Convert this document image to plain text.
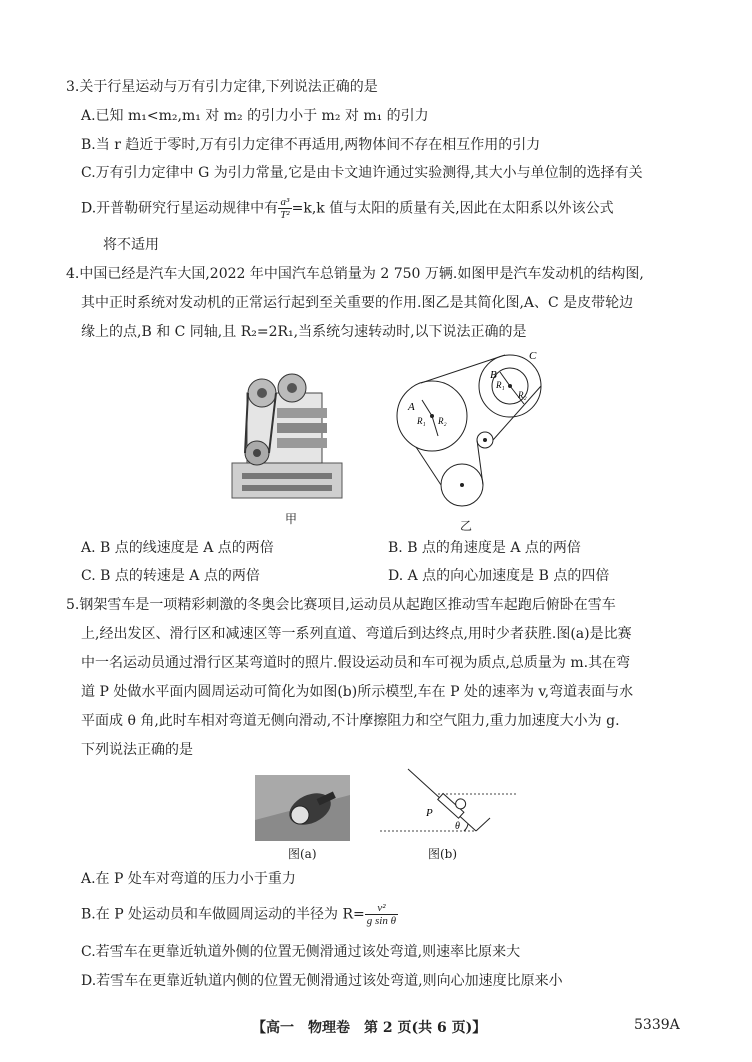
3.关于行星运动与万有引力定律,下列说法正确的是
A.已知 m₁<m₂,m₁ 对 m₂ 的引力小于 m₂ 对 m₁ 的引力
B.当 r 趋近于零时,万有引力定律不再适用,两物体间不存在相互作用的引力
C.万有引力定律中 G 为引力常量,它是由卡文迪许通过实验测得,其大小与单位制的选择有关
D.开普勒研究行星运动规律中有 $\frac{\text{a³}}{\text{T²}} =k,k$ 值与太阳的质量有关,因此在太阳系以外该公式
将不适用
4.中国已经是汽车大国,2022 年中国汽车总销量为 2 750 万辆.如图甲是汽车发动机的结构图,
其中正时系统对发动机的正常运行起到至关重要的作用.图乙是其简化图,A、C 是皮带轮边
缘上的点,B 和 C 同轴,且 R₂=2R₁,当系统匀速转动时,以下说法正确的是
甲
A
R₁ R₂
B
C
R₁
R₂
乙
A. B 点的线速度是 A 点的两倍	B. B 点的角速度是 A 点的两倍
C. B 点的转速是 A 点的两倍	D. A 点的向心加速度是 B 点的四倍
5.钢架雪车是一项精彩刺激的冬奥会比赛项目,运动员从起跑区推动雪车起跑后俯卧在雪车
上,经出发区、滑行区和减速区等一系列直道、弯道后到达终点,用时少者获胜.图(a)是比赛
中一名运动员通过滑行区某弯道时的照片.假设运动员和车可视为质点,总质量为 m.其在弯
道 P 处做水平面内圆周运动可简化为如图(b)所示模型,车在 P 处的速率为 v,弯道表面与水
平面成 θ 角,此时车相对弯道无侧向滑动,不计摩擦阻力和空气阻力,重力加速度大小为 g.
下列说法正确的是
图(a)
P
θ
图(b)
A.在 P 处车对弯道的压力小于重力
B.在 P 处运动员和车做圆周运动的半径为 $R= \frac{\text{v²}}{\text{g sin θ}}$
C.若雪车在更靠近轨道外侧的位置无侧滑通过该处弯道,则速率比原来大
D.若雪车在更靠近轨道内侧的位置无侧滑通过该处弯道,则向心加速度比原来小
【高一　物理卷　第 2 页(共 6 页)】	5339A
